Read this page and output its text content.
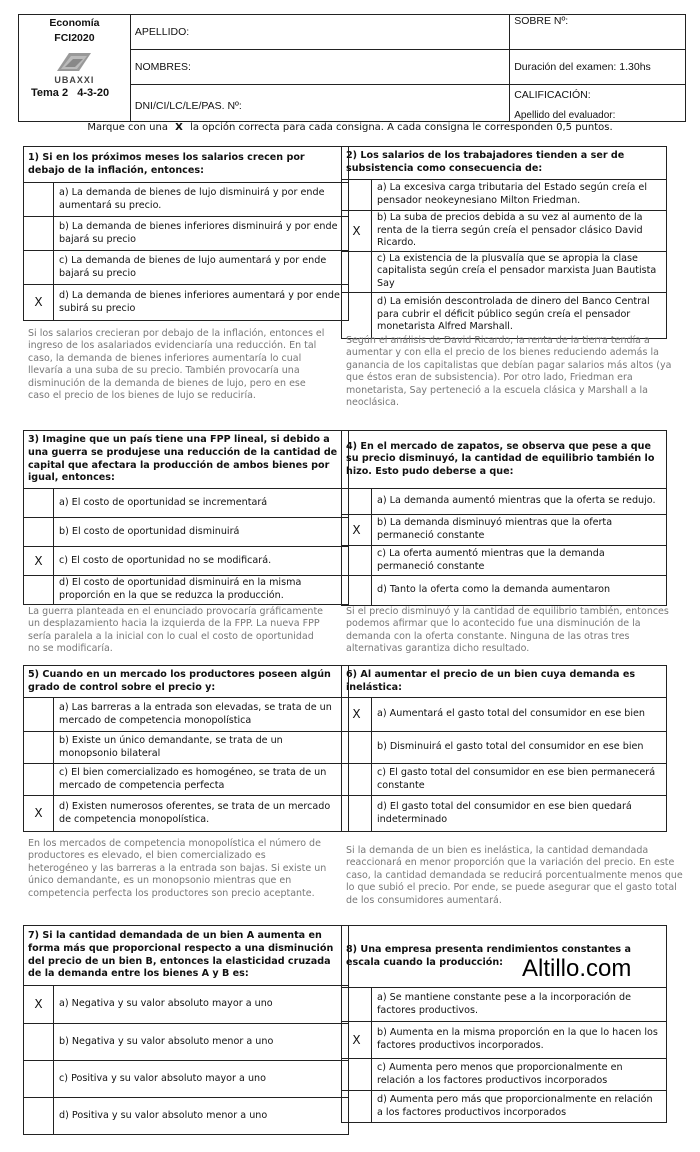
Economía
FCI2020
UBAXXI
Tema 2 4-3-20	APELLIDO:	SOBRE Nº:

	NOMBRES:	Duración del examen: 1.30hs

	DNI/CI/LC/LE/PAS. Nº:	CALIFICACIÓN:
Apellido del evaluador:
Marque con una X la opción correcta para cada consigna. A cada consigna le corresponden 0,5 puntos.
1) Si en los próximos meses los salarios crecen por debajo de la inflación, entonces:	
	a) La demanda de bienes de lujo disminuirá y por ende aumentará su precio.
	b) La demanda de bienes inferiores disminuirá y por ende bajará su precio
	c) La demanda de bienes de lujo aumentará y por ende bajará su precio
X	d) La demanda de bienes inferiores aumentará y por ende subirá su precio
Si los salarios crecieran por debajo de la inflación, entonces el ingreso de los asalariados evidenciaría una reducción. En tal caso, la demanda de bienes inferiores aumentaría lo cual llevaría a una suba de su precio. También provocaría una disminución de la demanda de bienes de lujo, pero en ese caso el precio de los bienes de lujo se reduciría.
2) Los salarios de los trabajadores tienden a ser de subsistencia como consecuencia de:	
	a) La excesiva carga tributaria del Estado según creía el pensador neokeynesiano Milton Friedman.
X	b) La suba de precios debida a su vez al aumento de la renta de la tierra según creía el pensador clásico David Ricardo.
	c) La existencia de la plusvalía que se apropia la clase capitalista según creía el pensador marxista Juan Bautista Say
	d) La emisión descontrolada de dinero del Banco Central para cubrir el déficit público según creía el pensador monetarista Alfred Marshall.
Según el análisis de David Ricardo, la renta de la tierra tendía a aumentar y con ella el precio de los bienes reduciendo además la ganancia de los capitalistas que debían pagar salarios más altos (ya que éstos eran de subsistencia). Por otro lado, Friedman era monetarista, Say perteneció a la escuela clásica y Marshall a la neoclásica.
3) Imagine que un país tiene una FPP lineal, si debido a una guerra se produjese una reducción de la cantidad de capital que afectara la producción de ambos bienes por igual, entonces:	
	a) El costo de oportunidad se incrementará
	b) El costo de oportunidad disminuirá
X	c) El costo de oportunidad no se modificará.
	d) El costo de oportunidad disminuirá en la misma proporción en la que se reduzca la producción.
La guerra planteada en el enunciado provocaría gráficamente un desplazamiento hacia la izquierda de la FPP. La nueva FPP sería paralela a la inicial con lo cual el costo de oportunidad no se modificaría.
4) En el mercado de zapatos, se observa que pese a que su precio disminuyó, la cantidad de equilibrio también lo hizo. Esto pudo deberse a que:	
	a) La demanda aumentó mientras que la oferta se redujo.
X	b) La demanda disminuyó mientras que la oferta permaneció constante
	c) La oferta aumentó mientras que la demanda permaneció constante
	d) Tanto la oferta como la demanda aumentaron
Si el precio disminuyó y la cantidad de equilibrio también, entonces podemos afirmar que lo acontecido fue una disminución de la demanda con la oferta constante. Ninguna de las otras tres alternativas garantiza dicho resultado.
5) Cuando en un mercado los productores poseen algún grado de control sobre el precio y:	
	a) Las barreras a la entrada son elevadas, se trata de un mercado de competencia monopolística
	b) Existe un único demandante, se trata de un monopsonio bilateral
	c) El bien comercializado es homogéneo, se trata de un mercado de competencia perfecta
X	d) Existen numerosos oferentes, se trata de un mercado de competencia monopolística.
En los mercados de competencia monopolística el número de productores es elevado, el bien comercializado es heterogéneo y las barreras a la entrada son bajas. Si existe un único demandante, es un monopsonio mientras que en competencia perfecta los productores son precio aceptante.
6) Al aumentar el precio de un bien cuya demanda es inelástica:	
X	a) Aumentará el gasto total del consumidor en ese bien
	b) Disminuirá el gasto total del consumidor en ese bien
	c) El gasto total del consumidor en ese bien permanecerá constante
	d) El gasto total del consumidor en ese bien quedará indeterminado
Si la demanda de un bien es inelástica, la cantidad demandada reaccionará en menor proporción que la variación del precio. En este caso, la cantidad demandada se reducirá porcentualmente menos que lo que subió el precio. Por ende, se puede asegurar que el gasto total de los consumidores aumentará.
7) Si la cantidad demandada de un bien A aumenta en forma más que proporcional respecto a una disminución del precio de un bien B, entonces la elasticidad cruzada de la demanda entre los bienes A y B es:	
X	a) Negativa y su valor absoluto mayor a uno
	b) Negativa y su valor absoluto menor a uno
	c) Positiva y su valor absoluto mayor a uno
	d) Positiva y su valor absoluto menor a uno
8) Una empresa presenta rendimientos constantes a escala cuando la producción:	
	a) Se mantiene constante pese a la incorporación de factores productivos.
X	b) Aumenta en la misma proporción en la que lo hacen los factores productivos incorporados.
	c) Aumenta pero menos que proporcionalmente en relación a los factores productivos incorporados
	d) Aumenta pero más que proporcionalmente en relación a los factores productivos incorporados
Altillo.com
